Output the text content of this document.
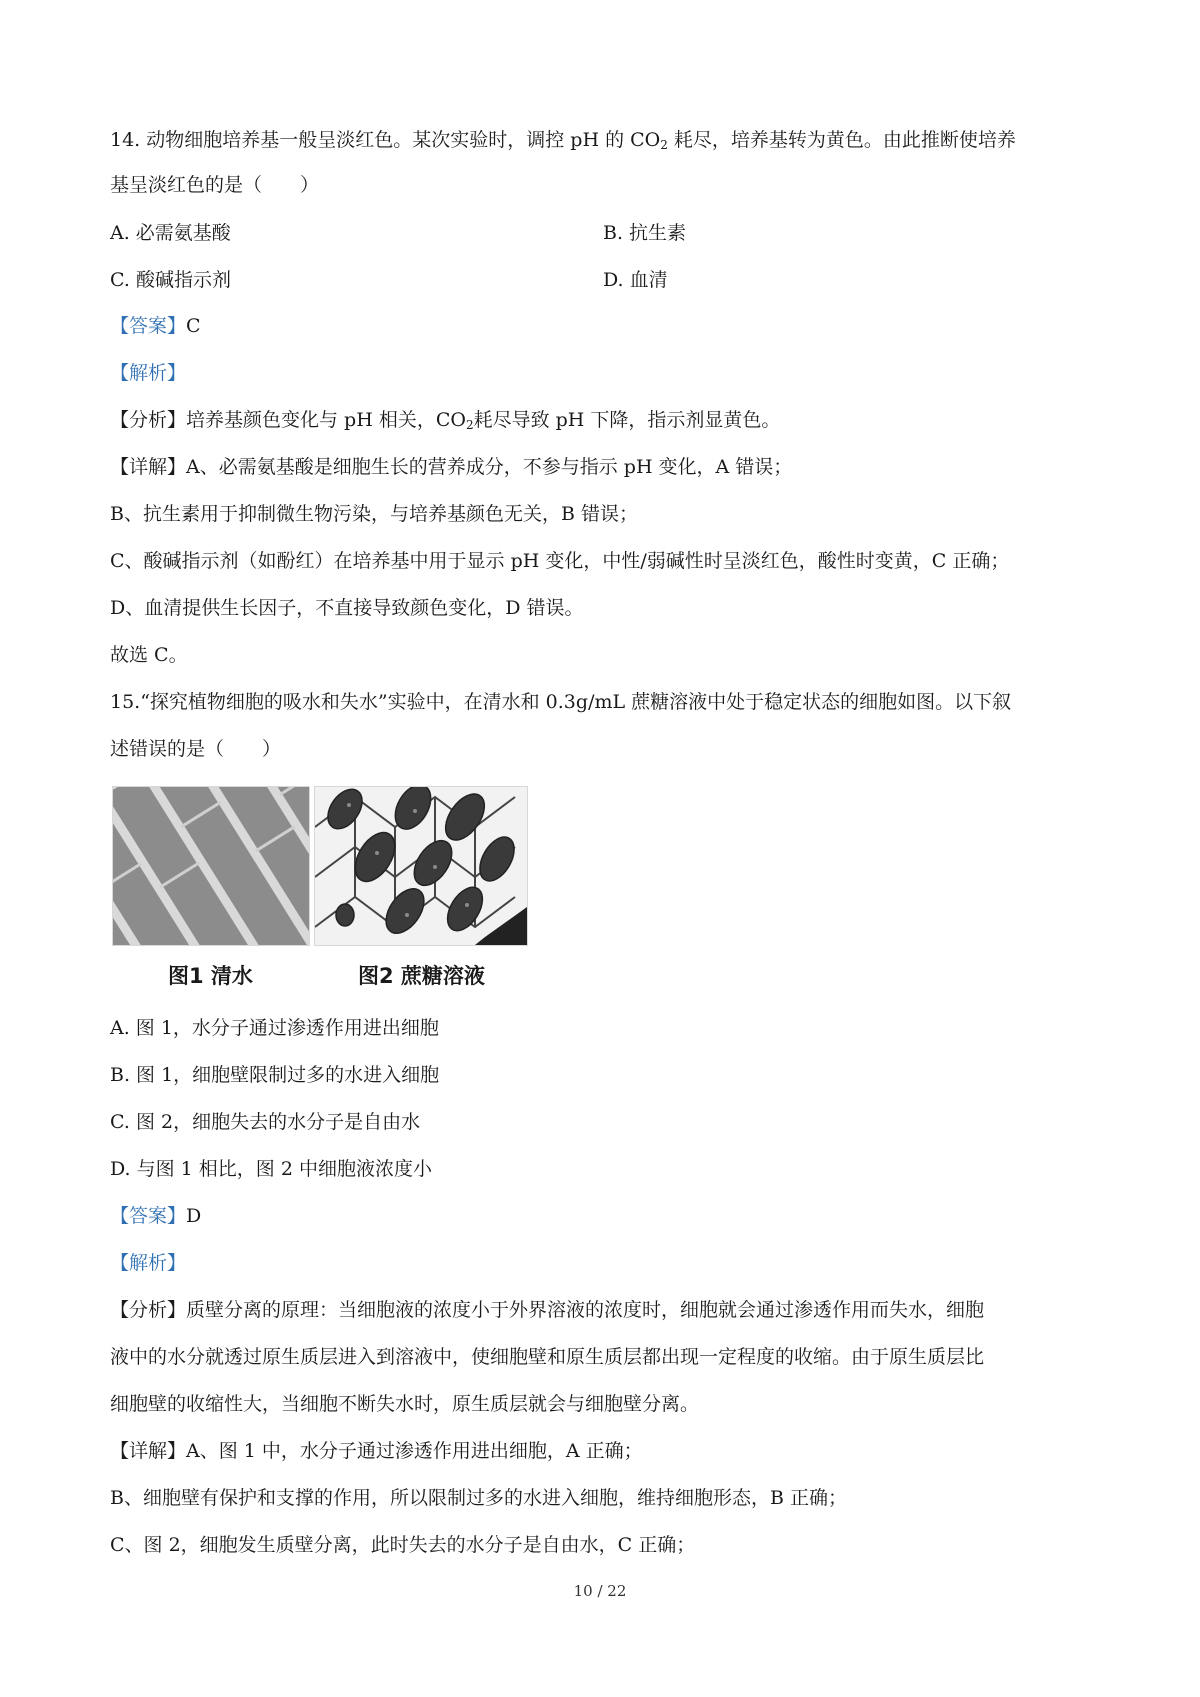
14. 动物细胞培养基一般呈淡红色。某次实验时，调控 pH 的 $CO_2$ 耗尽，培养基转为黄色。由此推断使培养
基呈淡红色的是（　　）
A. 必需氨基酸	B. 抗生素
C. 酸碱指示剂	D. 血清
【答案】C
【解析】
【分析】培养基颜色变化与 pH 相关，$CO_2$耗尽导致 pH 下降，指示剂显黄色。
【详解】A、必需氨基酸是细胞生长的营养成分，不参与指示 pH 变化，A 错误；
B、抗生素用于抑制微生物污染，与培养基颜色无关，B 错误；
C、酸碱指示剂（如酚红）在培养基中用于显示 pH 变化，中性/弱碱性时呈淡红色，酸性时变黄，C 正确；
D、血清提供生长因子，不直接导致颜色变化，D 错误。
故选 C。
15.“探究植物细胞的吸水和失水”实验中，在清水和 0.3g/mL 蔗糖溶液中处于稳定状态的细胞如图。以下叙
述错误的是（　　）
图1 清水	图2 蔗糖溶液
A. 图 1，水分子通过渗透作用进出细胞
B. 图 1，细胞壁限制过多的水进入细胞
C. 图 2，细胞失去的水分子是自由水
D. 与图 1 相比，图 2 中细胞液浓度小
【答案】D
【解析】
【分析】质壁分离的原理：当细胞液的浓度小于外界溶液的浓度时，细胞就会通过渗透作用而失水，细胞
液中的水分就透过原生质层进入到溶液中，使细胞壁和原生质层都出现一定程度的收缩。由于原生质层比
细胞壁的收缩性大，当细胞不断失水时，原生质层就会与细胞壁分离。
【详解】A、图 1 中，水分子通过渗透作用进出细胞，A 正确；
B、细胞壁有保护和支撑的作用，所以限制过多的水进入细胞，维持细胞形态，B 正确；
C、图 2，细胞发生质壁分离，此时失去的水分子是自由水，C 正确；
10 / 22
